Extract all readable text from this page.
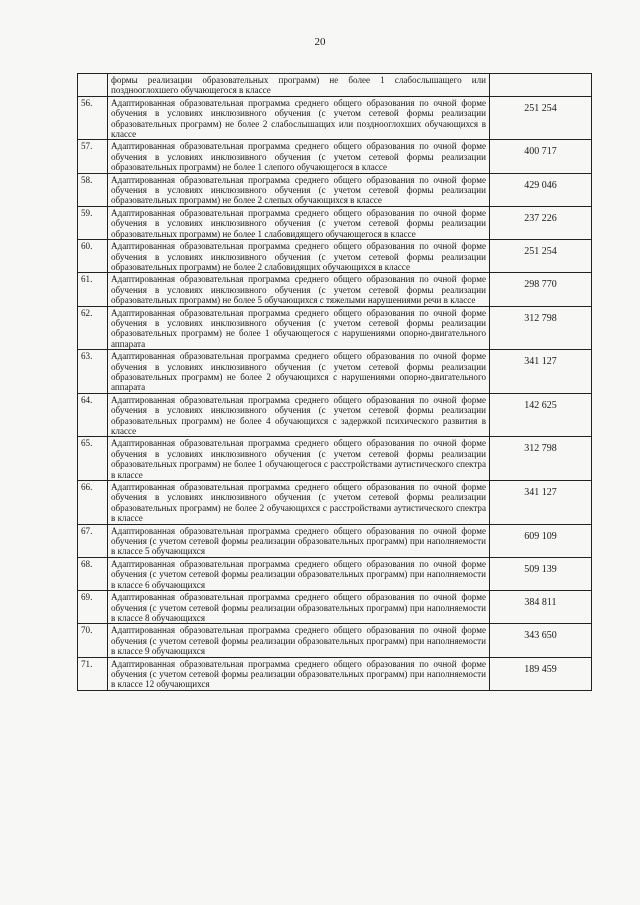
20
	формы реализации образовательных программ) не более 1 слабослышащего или позднооглохшего обучающегося в классе	
56.	Адаптированная образовательная программа среднего общего образования по очной форме обучения в условиях инклюзивного обучения (с учетом сетевой формы реализации образовательных программ) не более 2 слабослышащих или позднооглохших обучающихся в классе	251 254
57.	Адаптированная образовательная программа среднего общего образования по очной форме обучения в условиях инклюзивного обучения (с учетом сетевой формы реализации образовательных программ) не более 1 слепого обучающегося в классе	400 717
58.	Адаптированная образовательная программа среднего общего образования по очной форме обучения в условиях инклюзивного обучения (с учетом сетевой формы реализации образовательных программ) не более 2 слепых обучающихся в классе	429 046
59.	Адаптированная образовательная программа среднего общего образования по очной форме обучения в условиях инклюзивного обучения (с учетом сетевой формы реализации образовательных программ) не более 1 слабовидящего обучающегося в классе	237 226
60.	Адаптированная образовательная программа среднего общего образования по очной форме обучения в условиях инклюзивного обучения (с учетом сетевой формы реализации образовательных программ) не более 2 слабовидящих обучающихся в классе	251 254
61.	Адаптированная образовательная программа среднего общего образования по очной форме обучения в условиях инклюзивного обучения (с учетом сетевой формы реализации образовательных программ) не более 5 обучающихся с тяжелыми нарушениями речи в классе	298 770
62.	Адаптированная образовательная программа среднего общего образования по очной форме обучения в условиях инклюзивного обучения (с учетом сетевой формы реализации образовательных программ) не более 1 обучающегося с нарушениями опорно-двигательного аппарата	312 798
63.	Адаптированная образовательная программа среднего общего образования по очной форме обучения в условиях инклюзивного обучения (с учетом сетевой формы реализации образовательных программ) не более 2 обучающихся с нарушениями опорно-двигательного аппарата	341 127
64.	Адаптированная образовательная программа среднего общего образования по очной форме обучения в условиях инклюзивного обучения (с учетом сетевой формы реализации образовательных программ) не более 4 обучающихся с задержкой психического развития в классе	142 625
65.	Адаптированная образовательная программа среднего общего образования по очной форме обучения в условиях инклюзивного обучения (с учетом сетевой формы реализации образовательных программ) не более 1 обучающегося с расстройствами аутистического спектра в классе	312 798
66.	Адаптированная образовательная программа среднего общего образования по очной форме обучения в условиях инклюзивного обучения (с учетом сетевой формы реализации образовательных программ) не более 2 обучающихся с расстройствами аутистического спектра в классе	341 127
67.	Адаптированная образовательная программа среднего общего образования по очной форме обучения (с учетом сетевой формы реализации образовательных программ) при наполняемости в классе 5 обучающихся	609 109
68.	Адаптированная образовательная программа среднего общего образования по очной форме обучения (с учетом сетевой формы реализации образовательных программ) при наполняемости в классе 6 обучающихся	509 139
69.	Адаптированная образовательная программа среднего общего образования по очной форме обучения (с учетом сетевой формы реализации образовательных программ) при наполняемости в классе 8 обучающихся	384 811
70.	Адаптированная образовательная программа среднего общего образования по очной форме обучения (с учетом сетевой формы реализации образовательных программ) при наполняемости в классе 9 обучающихся	343 650
71.	Адаптированная образовательная программа среднего общего образования по очной форме обучения (с учетом сетевой формы реализации образовательных программ) при наполняемости в классе 12 обучающихся	189 459
